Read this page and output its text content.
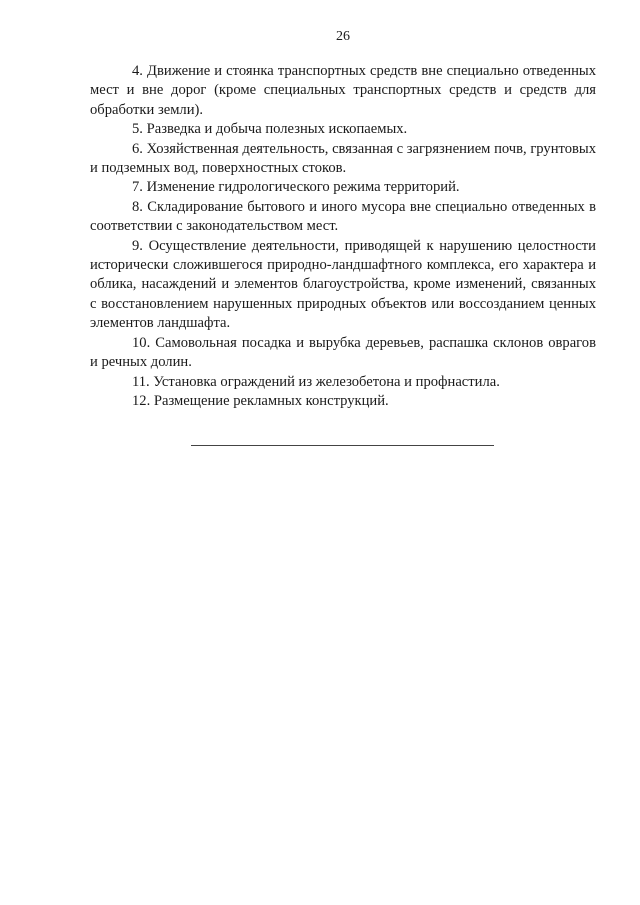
26

4. Движение и стоянка транспортных средств вне специально отведенных мест и вне дорог (кроме специальных транспортных средств и средств для обработки земли).

5. Разведка и добыча полезных ископаемых.

6. Хозяйственная деятельность, связанная с загрязнением почв, грунтовых и подземных вод, поверхностных стоков.

7. Изменение гидрологического режима территорий.

8. Складирование бытового и иного мусора вне специально отведенных в соответствии с законодательством мест.

9. Осуществление деятельности, приводящей к нарушению целостности исторически сложившегося природно-ландшафтного комплекса, его характера и облика, насаждений и элементов благоустройства, кроме изменений, связанных с восстановлением нарушенных природных объектов или воссозданием ценных элементов ландшафта.

10. Самовольная посадка и вырубка деревьев, распашка склонов оврагов и речных долин.

11. Установка ограждений из железобетона и профнастила.

12. Размещение рекламных конструкций.
